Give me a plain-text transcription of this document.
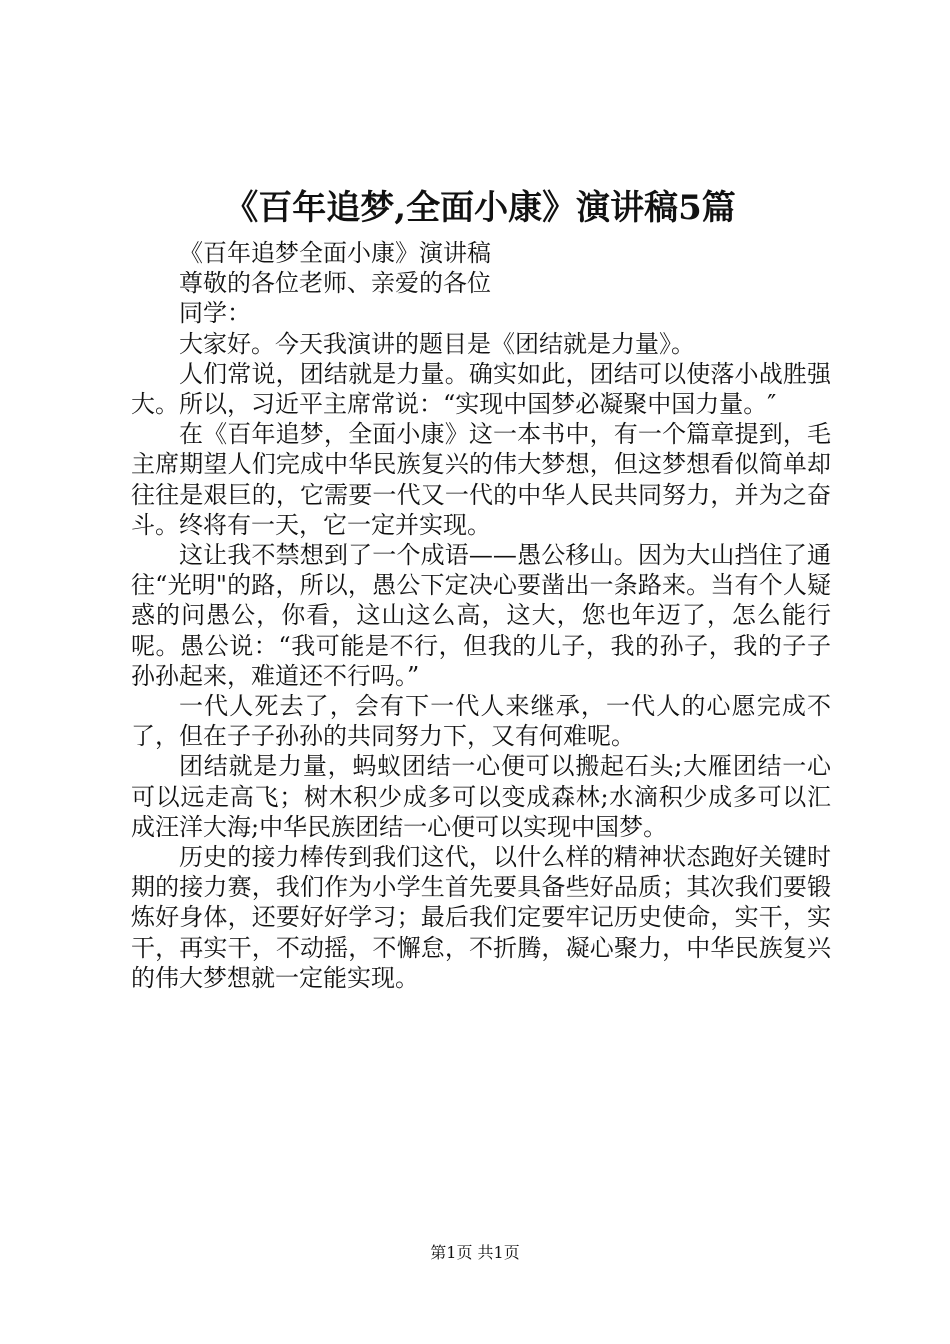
《百年追梦,全面小康》演讲稿5篇

《百年追梦全面小康》演讲稿

尊敬的各位老师、亲爱的各位

同学：

大家好。今天我演讲的题目是《团结就是力量》。

人们常说，团结就是力量。确实如此，团结可以使落小战胜强大。所以，习近平主席常说：“实现中国梦必凝聚中国力量。″

在《百年追梦，全面小康》这一本书中，有一个篇章提到，毛主席期望人们完成中华民族复兴的伟大梦想，但这梦想看似简单却往往是艰巨的，它需要一代又一代的中华人民共同努力，并为之奋斗。终将有一天，它一定并实现。

这让我不禁想到了一个成语——愚公移山。因为大山挡住了通往“光明"的路，所以，愚公下定决心要凿出一条路来。当有个人疑惑的问愚公，你看，这山这么高，这大，您也年迈了，怎么能行呢。愚公说：“我可能是不行，但我的儿子，我的孙子，我的子子孙孙起来，难道还不行吗。”

一代人死去了，会有下一代人来继承，一代人的心愿完成不了，但在子子孙孙的共同努力下，又有何难呢。

团结就是力量，蚂蚁团结一心便可以搬起石头;大雁团结一心可以远走高飞；树木积少成多可以变成森林;水滴积少成多可以汇成汪洋大海;中华民族团结一心便可以实现中国梦。

历史的接力棒传到我们这代，以什么样的精神状态跑好关键时期的接力赛，我们作为小学生首先要具备些好品质；其次我们要锻炼好身体，还要好好学习；最后我们定要牢记历史使命，实干，实干，再实干，不动摇，不懈怠，不折腾，凝心聚力，中华民族复兴的伟大梦想就一定能实现。

第1页 共1页
